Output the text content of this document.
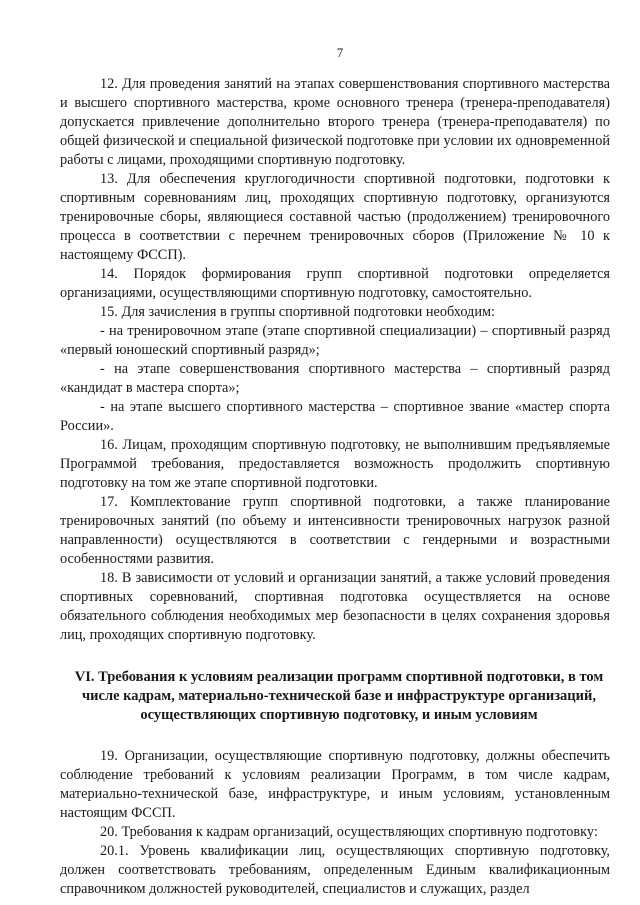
7

12. Для проведения занятий на этапах совершенствования спортивного мастерства и высшего спортивного мастерства, кроме основного тренера (тренера-преподавателя) допускается привлечение дополнительно второго тренера (тренера-преподавателя) по общей физической и специальной физической подготовке при условии их одновременной работы с лицами, проходящими спортивную подготовку.

13. Для обеспечения круглогодичности спортивной подготовки, подготовки к спортивным соревнованиям лиц, проходящих спортивную подготовку, организуются тренировочные сборы, являющиеся составной частью (продолжением) тренировочного процесса в соответствии с перечнем тренировочных сборов (Приложение № 10 к настоящему ФССП).

14. Порядок формирования групп спортивной подготовки определяется организациями, осуществляющими спортивную подготовку, самостоятельно.

15. Для зачисления в группы спортивной подготовки необходим:

- на тренировочном этапе (этапе спортивной специализации) – спортивный разряд «первый юношеский спортивный разряд»;

- на этапе совершенствования спортивного мастерства – спортивный разряд «кандидат в мастера спорта»;

- на этапе высшего спортивного мастерства – спортивное звание «мастер спорта России».

16. Лицам, проходящим спортивную подготовку, не выполнившим предъявляемые Программой требования, предоставляется возможность продолжить спортивную подготовку на том же этапе спортивной подготовки.

17. Комплектование групп спортивной подготовки, а также планирование тренировочных занятий (по объему и интенсивности тренировочных нагрузок разной направленности) осуществляются в соответствии с гендерными и возрастными особенностями развития.

18. В зависимости от условий и организации занятий, а также условий проведения спортивных соревнований, спортивная подготовка осуществляется на основе обязательного соблюдения необходимых мер безопасности в целях сохранения здоровья лиц, проходящих спортивную подготовку.

VI. Требования к условиям реализации программ спортивной подготовки, в том числе кадрам, материально-технической базе и инфраструктуре организаций, осуществляющих спортивную подготовку, и иным условиям

19. Организации, осуществляющие спортивную подготовку, должны обеспечить соблюдение требований к условиям реализации Программ, в том числе кадрам, материально-технической базе, инфраструктуре, и иным условиям, установленным настоящим ФССП.

20. Требования к кадрам организаций, осуществляющих спортивную подготовку:

20.1. Уровень квалификации лиц, осуществляющих спортивную подготовку, должен соответствовать требованиям, определенным Единым квалификационным справочником должностей руководителей, специалистов и служащих, раздел
